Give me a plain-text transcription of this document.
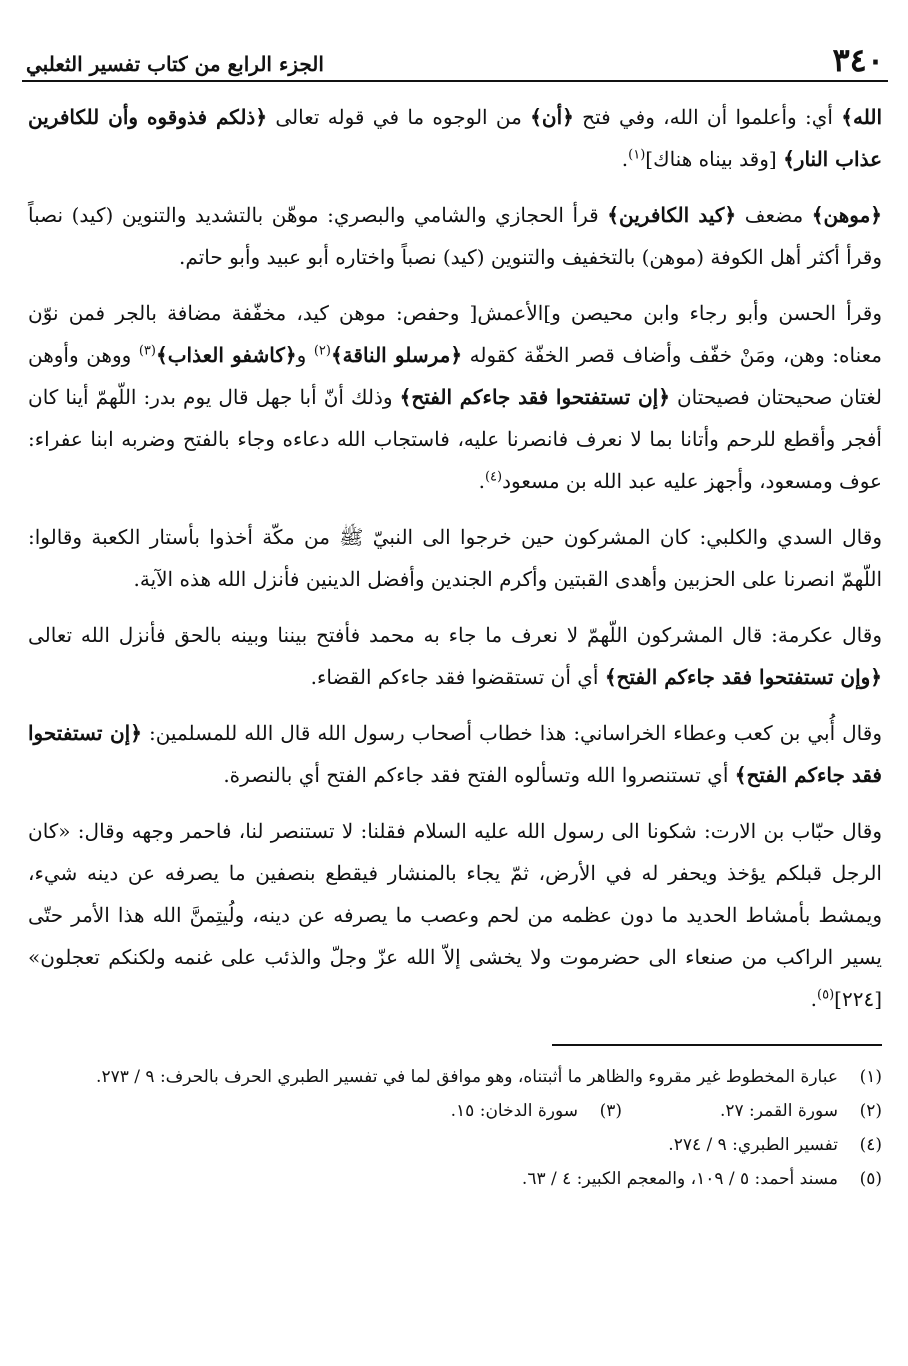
٣٤٠
الجزء الرابع من كتاب تفسير الثعلبي

الله﴾ أي: وأعلموا أن الله، وفي فتح ﴿أن﴾ من الوجوه ما في قوله تعالى ﴿ذلكم فذوقوه وأن للكافرين عذاب النار﴾ [وقد بيناه هناك]$^{(١)}$.

﴿موهن﴾ مضعف ﴿كيد الكافرين﴾ قرأ الحجازي والشامي والبصري: موهّن بالتشديد والتنوين (كيد) نصباً وقرأ أكثر أهل الكوفة (موهن) بالتخفيف والتنوين (كيد) نصباً واختاره أبو عبيد وأبو حاتم.

وقرأ الحسن وأبو رجاء وابن محيصن و]الأعمش[ وحفص: موهن كيد، مخفّفة مضافة بالجر فمن نوّن معناه: وهن، ومَنْ خفّف وأضاف قصر الخفّة كقوله ﴿مرسلو الناقة﴾$^{(٢)}$ و﴿كاشفو العذاب﴾$^{(٣)}$ ووهن وأوهن لغتان صحيحتان فصيحتان ﴿إن تستفتحوا فقد جاءكم الفتح﴾ وذلك أنّ أبا جهل قال يوم بدر: اللّهمّ أينا كان أفجر وأقطع للرحم وأتانا بما لا نعرف فانصرنا عليه، فاستجاب الله دعاءه وجاء بالفتح وضربه ابنا عفراء: عوف ومسعود، وأجهز عليه عبد الله بن مسعود$^{(٤)}$.

وقال السدي والكلبي: كان المشركون حين خرجوا الى النبيّ ﷺ من مكّة أخذوا بأستار الكعبة وقالوا: اللّهمّ انصرنا على الحزبين وأهدى القبتين وأكرم الجندين وأفضل الدينين فأنزل الله هذه الآية.

وقال عكرمة: قال المشركون اللّهمّ لا نعرف ما جاء به محمد فأفتح بيننا وبينه بالحق فأنزل الله تعالى ﴿وإن تستفتحوا فقد جاءكم الفتح﴾ أي أن تستقضوا فقد جاءكم القضاء.

وقال أُبي بن كعب وعطاء الخراساني: هذا خطاب أصحاب رسول الله قال الله للمسلمين: ﴿إن تستفتحوا فقد جاءكم الفتح﴾ أي تستنصروا الله وتسألوه الفتح فقد جاءكم الفتح أي بالنصرة.

وقال حبّاب بن الارت: شكونا الى رسول الله عليه السلام فقلنا: لا تستنصر لنا، فاحمر وجهه وقال: «كان الرجل قبلكم يؤخذ ويحفر له في الأرض، ثمّ يجاء بالمنشار فيقطع بنصفين ما يصرفه عن دينه شيء، ويمشط بأمشاط الحديد ما دون عظمه من لحم وعصب ما يصرفه عن دينه، ولُيتِمنَّ الله هذا الأمر حتّى يسير الراكب من صنعاء الى حضرموت ولا يخشى إلاّ الله عزّ وجلّ والذئب على غنمه ولكنكم تعجلون» [٢٢٤]$^{(٥)}$.

(١)
عبارة المخطوط غير مقروء والظاهر ما أثبتناه، وهو موافق لما في تفسير الطبري الحرف بالحرف: ٩ / ٢٧٣.
(٢)
سورة القمر: ٢٧.
(٣)
سورة الدخان: ١٥.
(٤)
تفسير الطبري: ٩ / ٢٧٤.
(٥)
مسند أحمد: ٥ / ١٠٩، والمعجم الكبير: ٤ / ٦٣.
